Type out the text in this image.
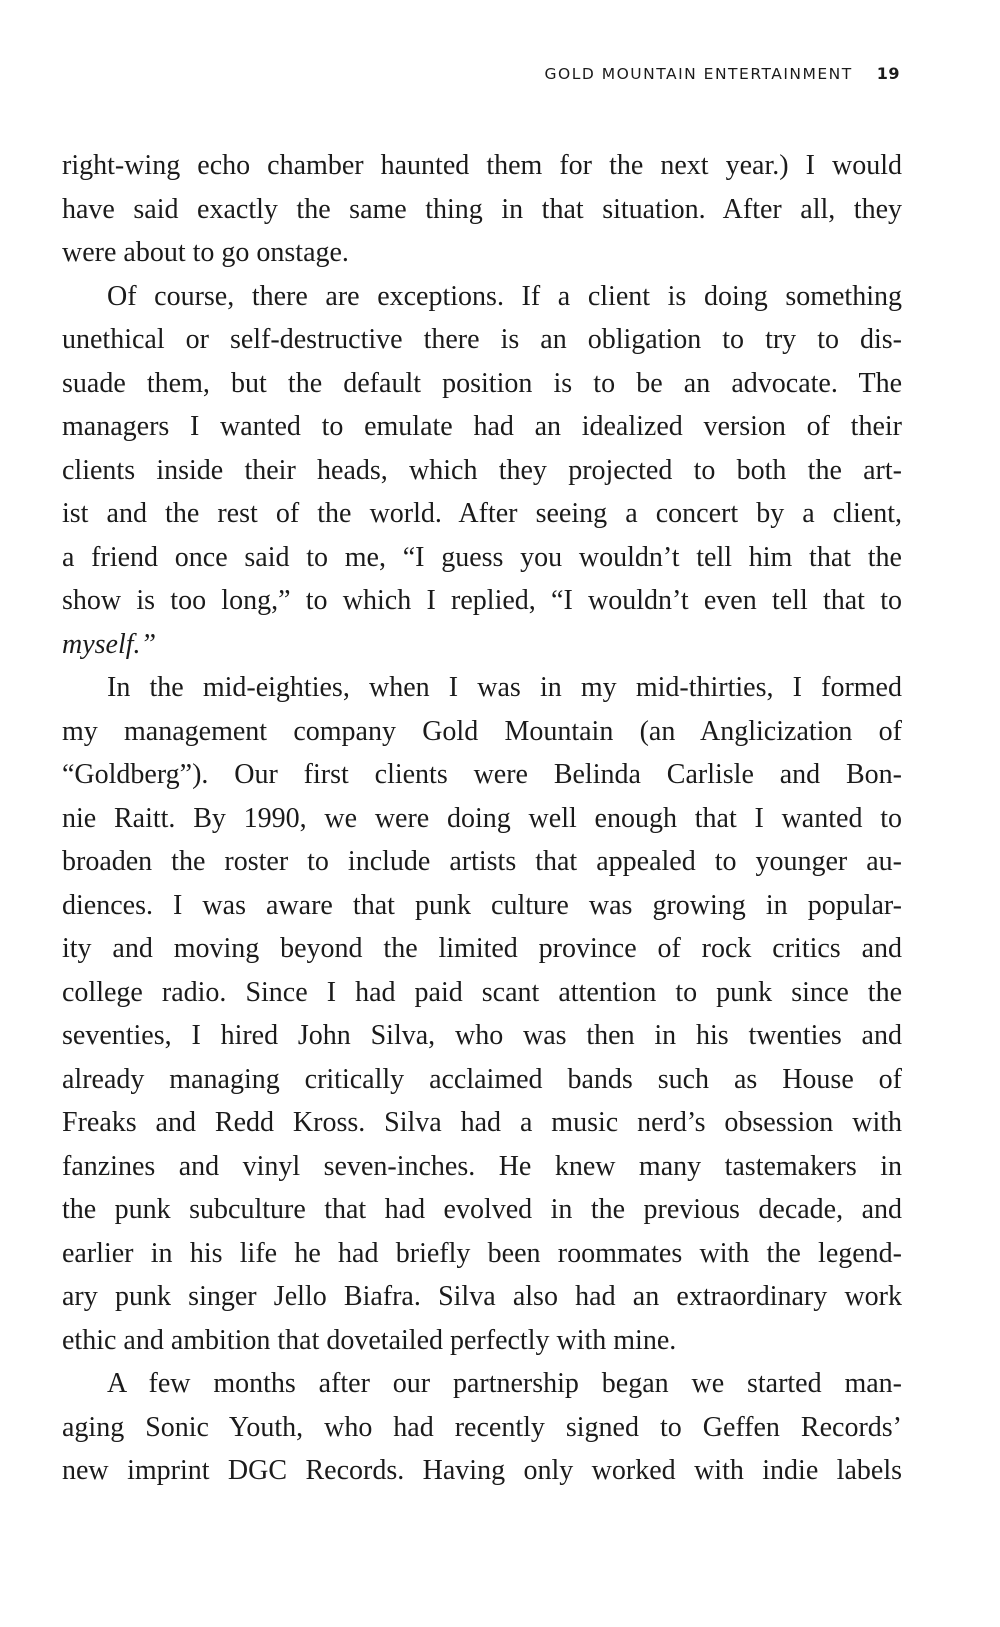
GOLD MOUNTAIN ENTERTAINMENT 19
right-wing echo chamber haunted them for the next year.) I would
have said exactly the same thing in that situation. After all, they
were about to go onstage.
Of course, there are exceptions. If a client is doing something
unethical or self-destructive there is an obligation to try to dis-
suade them, but the default position is to be an advocate. The
managers I wanted to emulate had an idealized version of their
clients inside their heads, which they projected to both the art-
ist and the rest of the world. After seeing a concert by a client,
a friend once said to me, “I guess you wouldn’t tell him that the
show is too long,” to which I replied, “I wouldn’t even tell that to
myself.”
In the mid-eighties, when I was in my mid-thirties, I formed
my management company Gold Mountain (an Anglicization of
“Goldberg”). Our first clients were Belinda Carlisle and Bon-
nie Raitt. By 1990, we were doing well enough that I wanted to
broaden the roster to include artists that appealed to younger au-
diences. I was aware that punk culture was growing in popular-
ity and moving beyond the limited province of rock critics and
college radio. Since I had paid scant attention to punk since the
seventies, I hired John Silva, who was then in his twenties and
already managing critically acclaimed bands such as House of
Freaks and Redd Kross. Silva had a music nerd’s obsession with
fanzines and vinyl seven-inches. He knew many tastemakers in
the punk subculture that had evolved in the previous decade, and
earlier in his life he had briefly been roommates with the legend-
ary punk singer Jello Biafra. Silva also had an extraordinary work
ethic and ambition that dovetailed perfectly with mine.
A few months after our partnership began we started man-
aging Sonic Youth, who had recently signed to Geffen Records’
new imprint DGC Records. Having only worked with indie labels
